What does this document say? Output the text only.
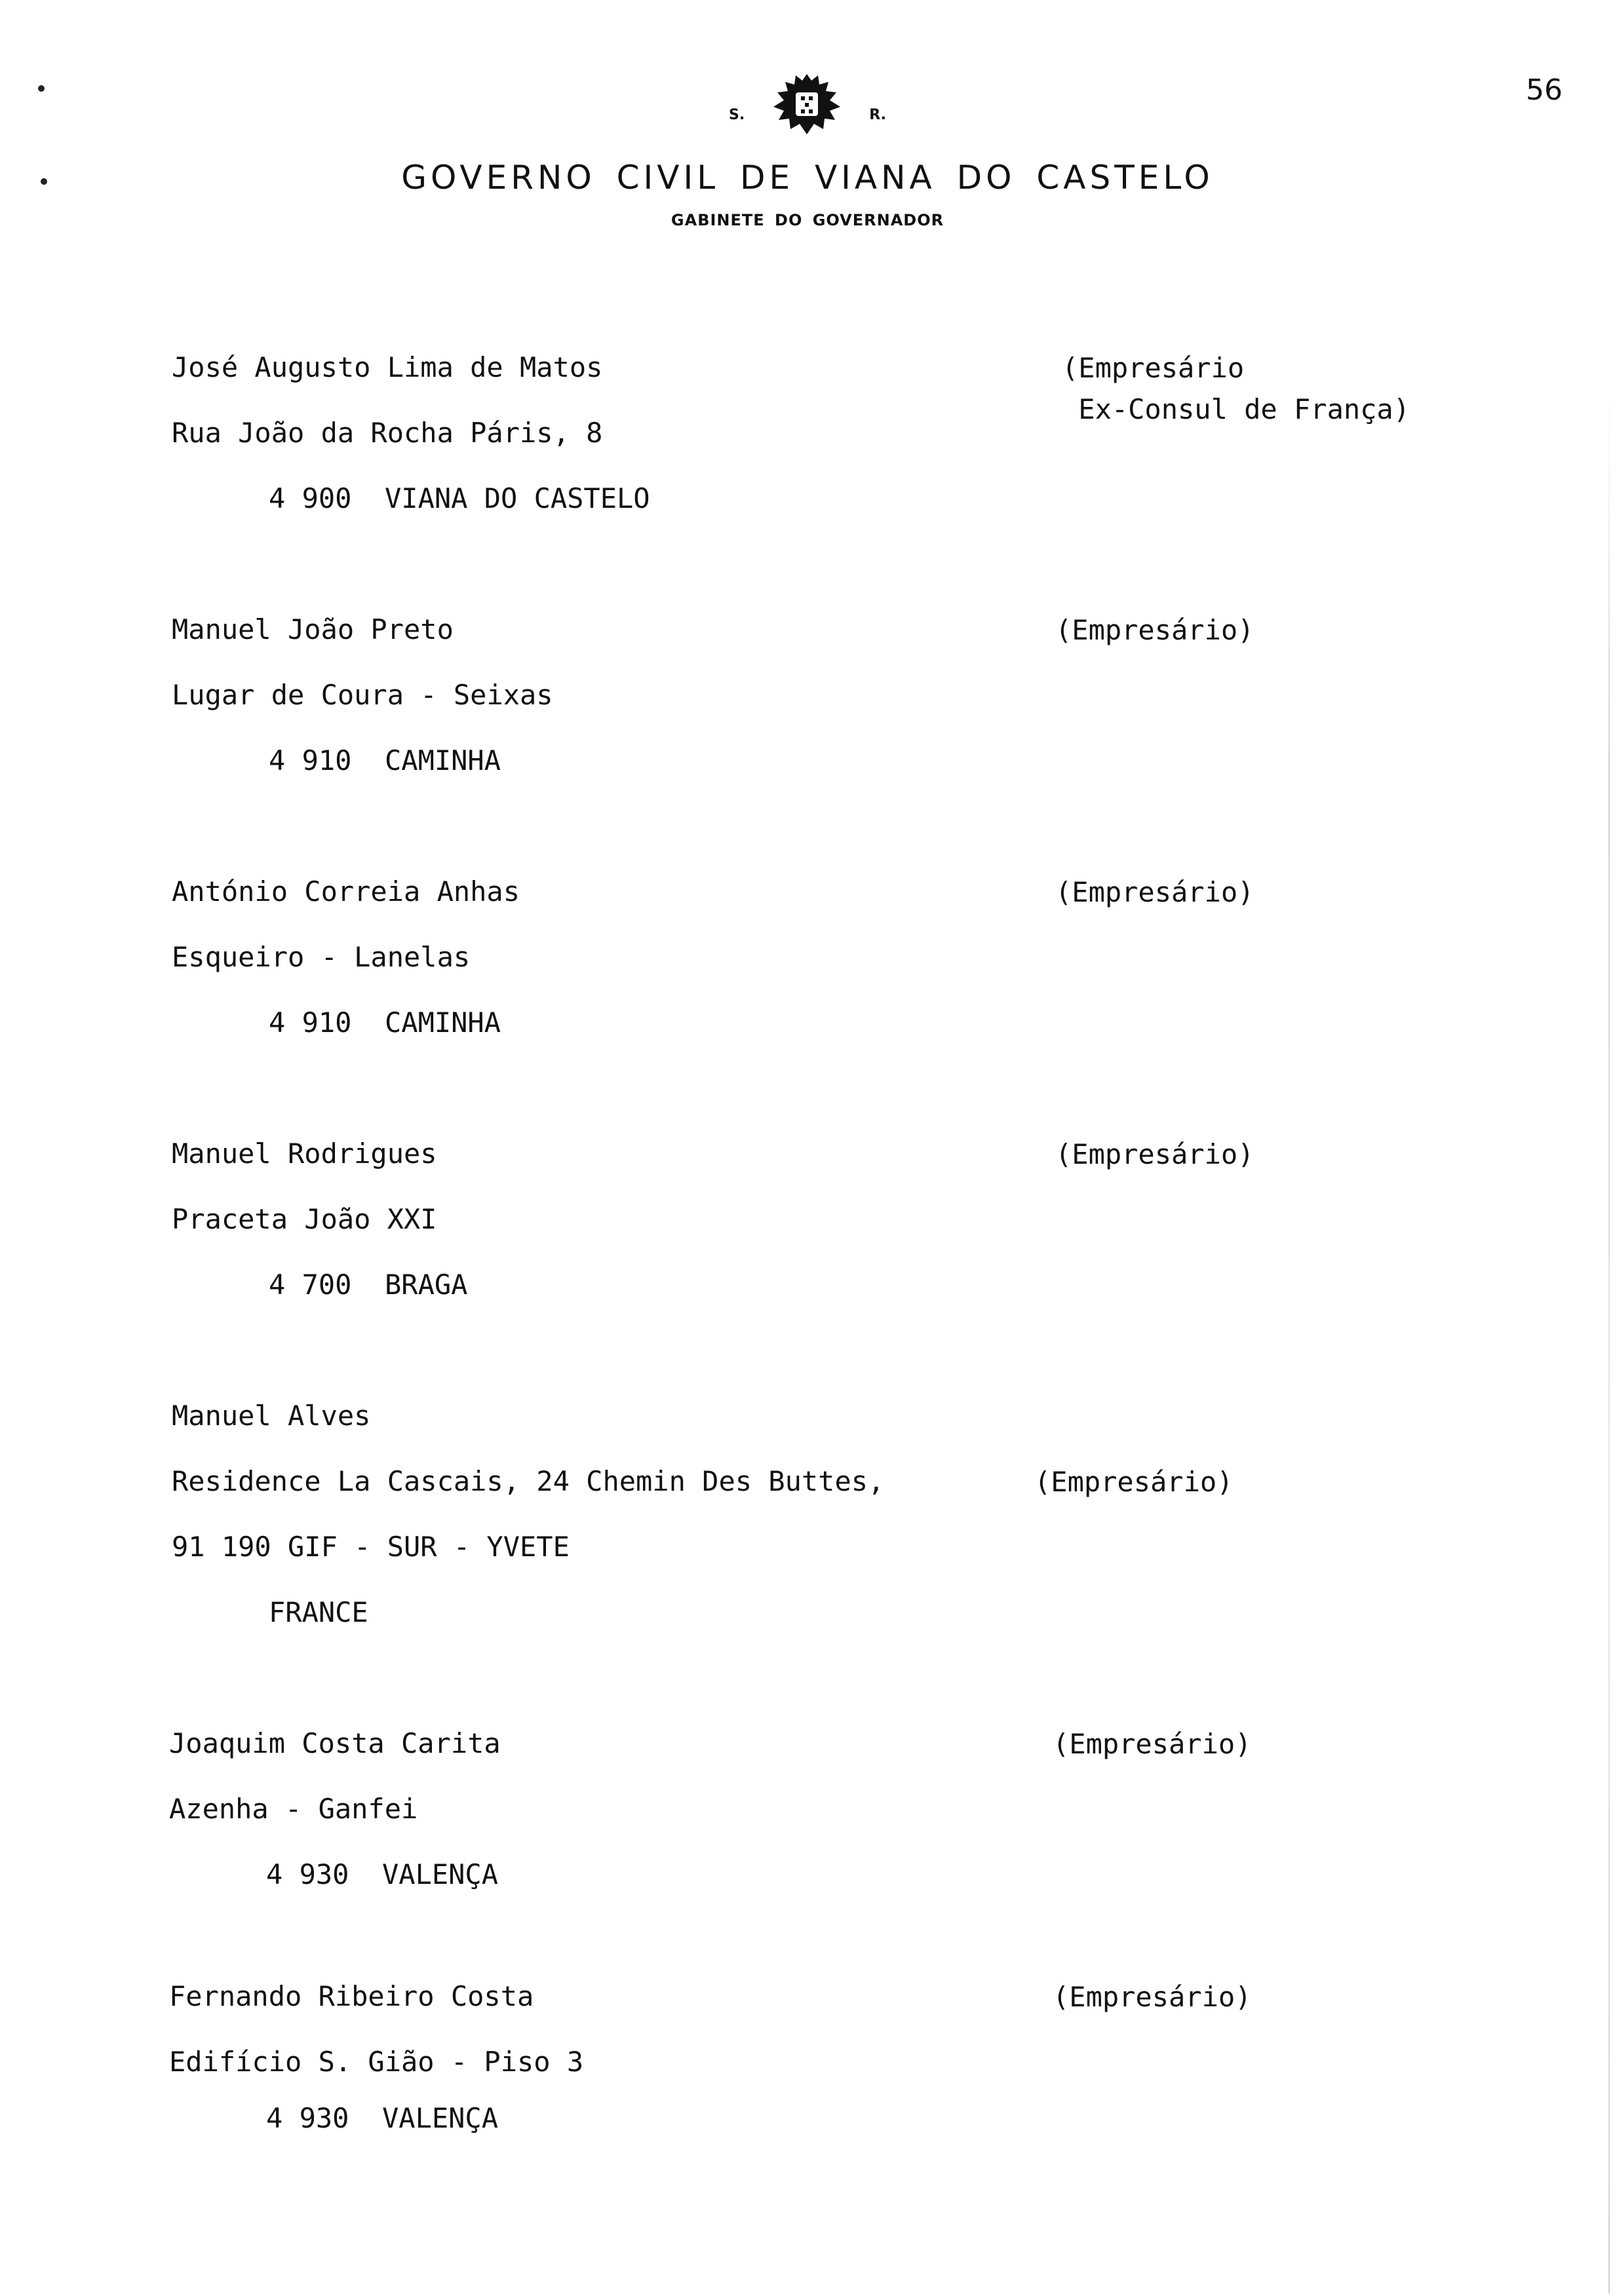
56
S.	R.
GOVERNO CIVIL DE VIANA DO CASTELO
GABINETE DO GOVERNADOR
José Augusto Lima de Matos
Rua João da Rocha Páris, 8
4 900  VIANA DO CASTELO
(Empresário
Ex-Consul de França)
Manuel João Preto
Lugar de Coura - Seixas
4 910  CAMINHA
(Empresário)
António Correia Anhas
Esqueiro - Lanelas
4 910  CAMINHA
(Empresário)
Manuel Rodrigues
Praceta João XXI
4 700  BRAGA
(Empresário)
Manuel Alves
Residence La Cascais, 24 Chemin Des Buttes,
91 190 GIF - SUR - YVETE
FRANCE
(Empresário)
Joaquim Costa Carita
Azenha - Ganfei
4 930  VALENÇA
(Empresário)
Fernando Ribeiro Costa
Edifício S. Gião - Piso 3
4 930  VALENÇA
(Empresário)
